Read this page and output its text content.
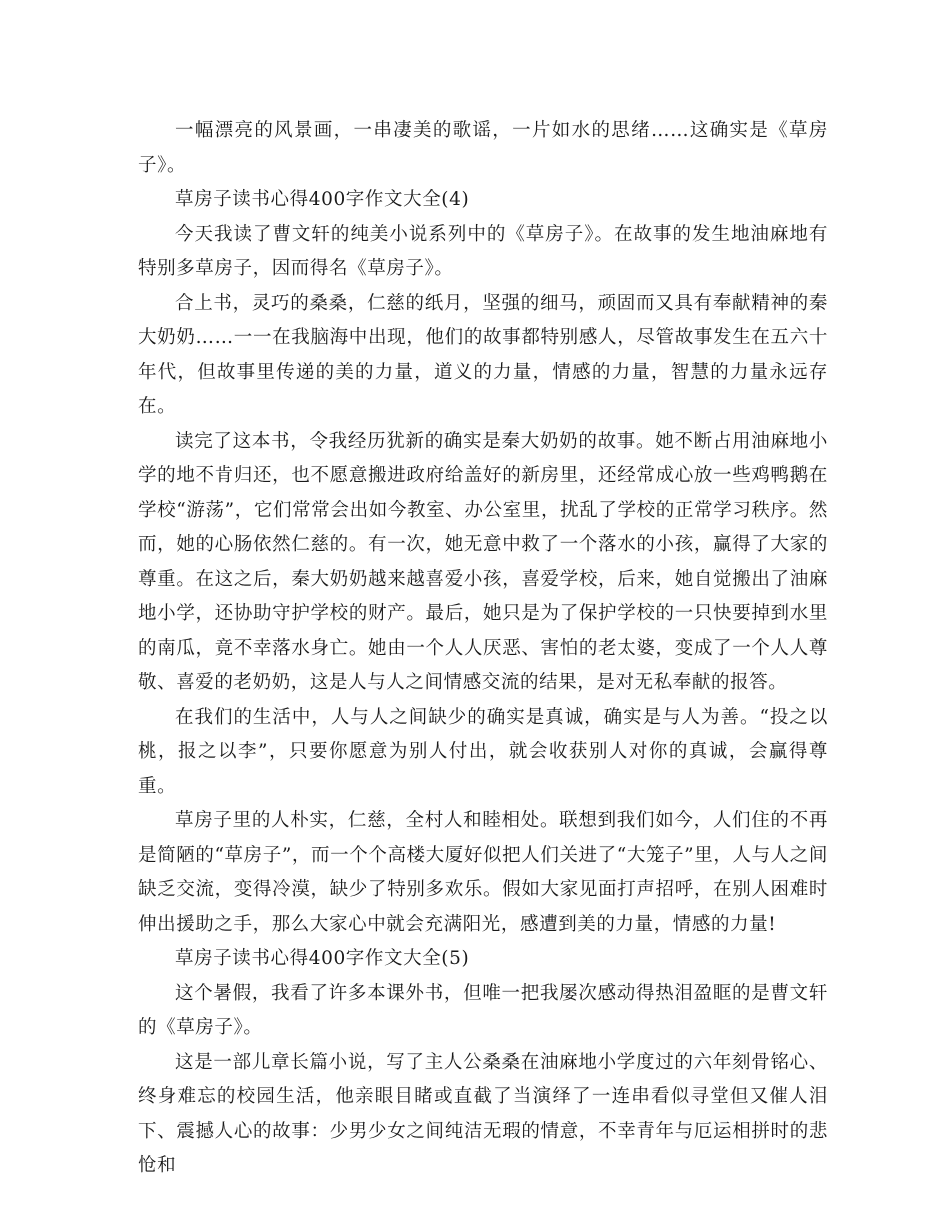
一幅漂亮的风景画，一串凄美的歌谣，一片如水的思绪……这确实是《草房子》。

草房子读书心得400字作文大全(4)

今天我读了曹文轩的纯美小说系列中的《草房子》。在故事的发生地油麻地有特别多草房子，因而得名《草房子》。

合上书，灵巧的桑桑，仁慈的纸月，坚强的细马，顽固而又具有奉献精神的秦大奶奶……一一在我脑海中出现，他们的故事都特别感人，尽管故事发生在五六十年代，但故事里传递的美的力量，道义的力量，情感的力量，智慧的力量永远存在。

读完了这本书，令我经历犹新的确实是秦大奶奶的故事。她不断占用油麻地小学的地不肯归还，也不愿意搬进政府给盖好的新房里，还经常成心放一些鸡鸭鹅在学校“游荡”，它们常常会出如今教室、办公室里，扰乱了学校的正常学习秩序。然而，她的心肠依然仁慈的。有一次，她无意中救了一个落水的小孩，赢得了大家的尊重。在这之后，秦大奶奶越来越喜爱小孩，喜爱学校，后来，她自觉搬出了油麻地小学，还协助守护学校的财产。最后，她只是为了保护学校的一只快要掉到水里的南瓜，竟不幸落水身亡。她由一个人人厌恶、害怕的老太婆，变成了一个人人尊敬、喜爱的老奶奶，这是人与人之间情感交流的结果，是对无私奉献的报答。

在我们的生活中，人与人之间缺少的确实是真诚，确实是与人为善。“投之以桃，报之以李”，只要你愿意为别人付出，就会收获别人对你的真诚，会赢得尊重。

草房子里的人朴实，仁慈，全村人和睦相处。联想到我们如今，人们住的不再是简陋的“草房子”，而一个个高楼大厦好似把人们关进了“大笼子”里，人与人之间缺乏交流，变得冷漠，缺少了特别多欢乐。假如大家见面打声招呼，在别人困难时伸出援助之手，那么大家心中就会充满阳光，感遭到美的力量，情感的力量!

草房子读书心得400字作文大全(5)

这个暑假，我看了许多本课外书，但唯一把我屡次感动得热泪盈眶的是曹文轩的《草房子》。

这是一部儿章长篇小说，写了主人公桑桑在油麻地小学度过的六年刻骨铭心、终身难忘的校园生活，他亲眼目睹或直截了当演绎了一连串看似寻堂但又催人泪下、震撼人心的故事：少男少女之间纯洁无瑕的情意，不幸青年与厄运相拼时的悲怆和
